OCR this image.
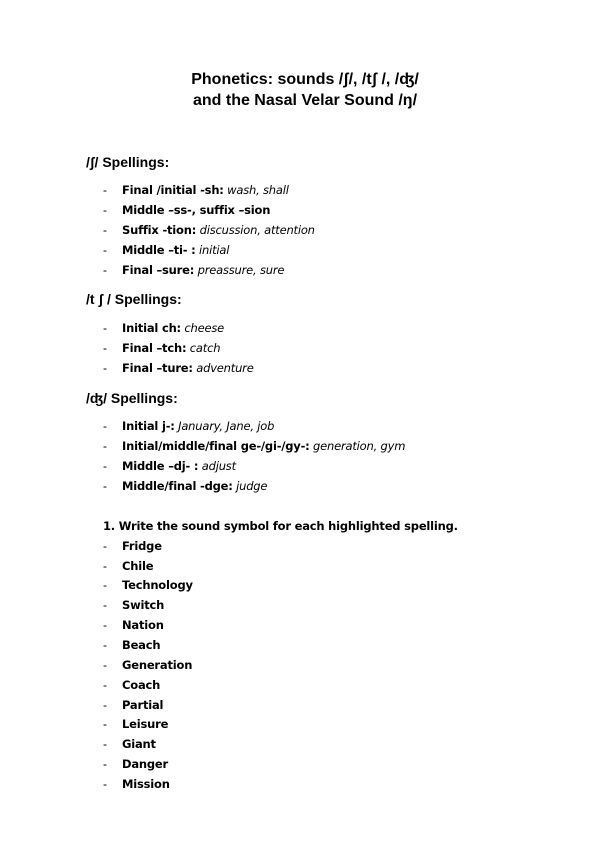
Phonetics: sounds /ʃ/, /tʃ /, /ʤ/
and the Nasal Velar Sound /ŋ/
/ʃ/ Spellings:
- Final /initial -sh: wash, shall
- Middle –ss-, suffix –sion
- Suffix -tion: discussion, attention
- Middle –ti- : initial
- Final –sure: preassure, sure
/t ʃ / Spellings:
- Initial ch: cheese
- Final –tch: catch
- Final –ture: adventure
/ʤ/ Spellings:
- Initial j-: January, Jane, job
- Initial/middle/final ge-/gi-/gy-: generation, gym
- Middle –dj- : adjust
- Middle/final -dge: judge
1. Write the sound symbol for each highlighted spelling.
- Fridge
- Chile
- Technology
- Switch
- Nation
- Beach
- Generation
- Coach
- Partial
- Leisure
- Giant
- Danger
- Mission
